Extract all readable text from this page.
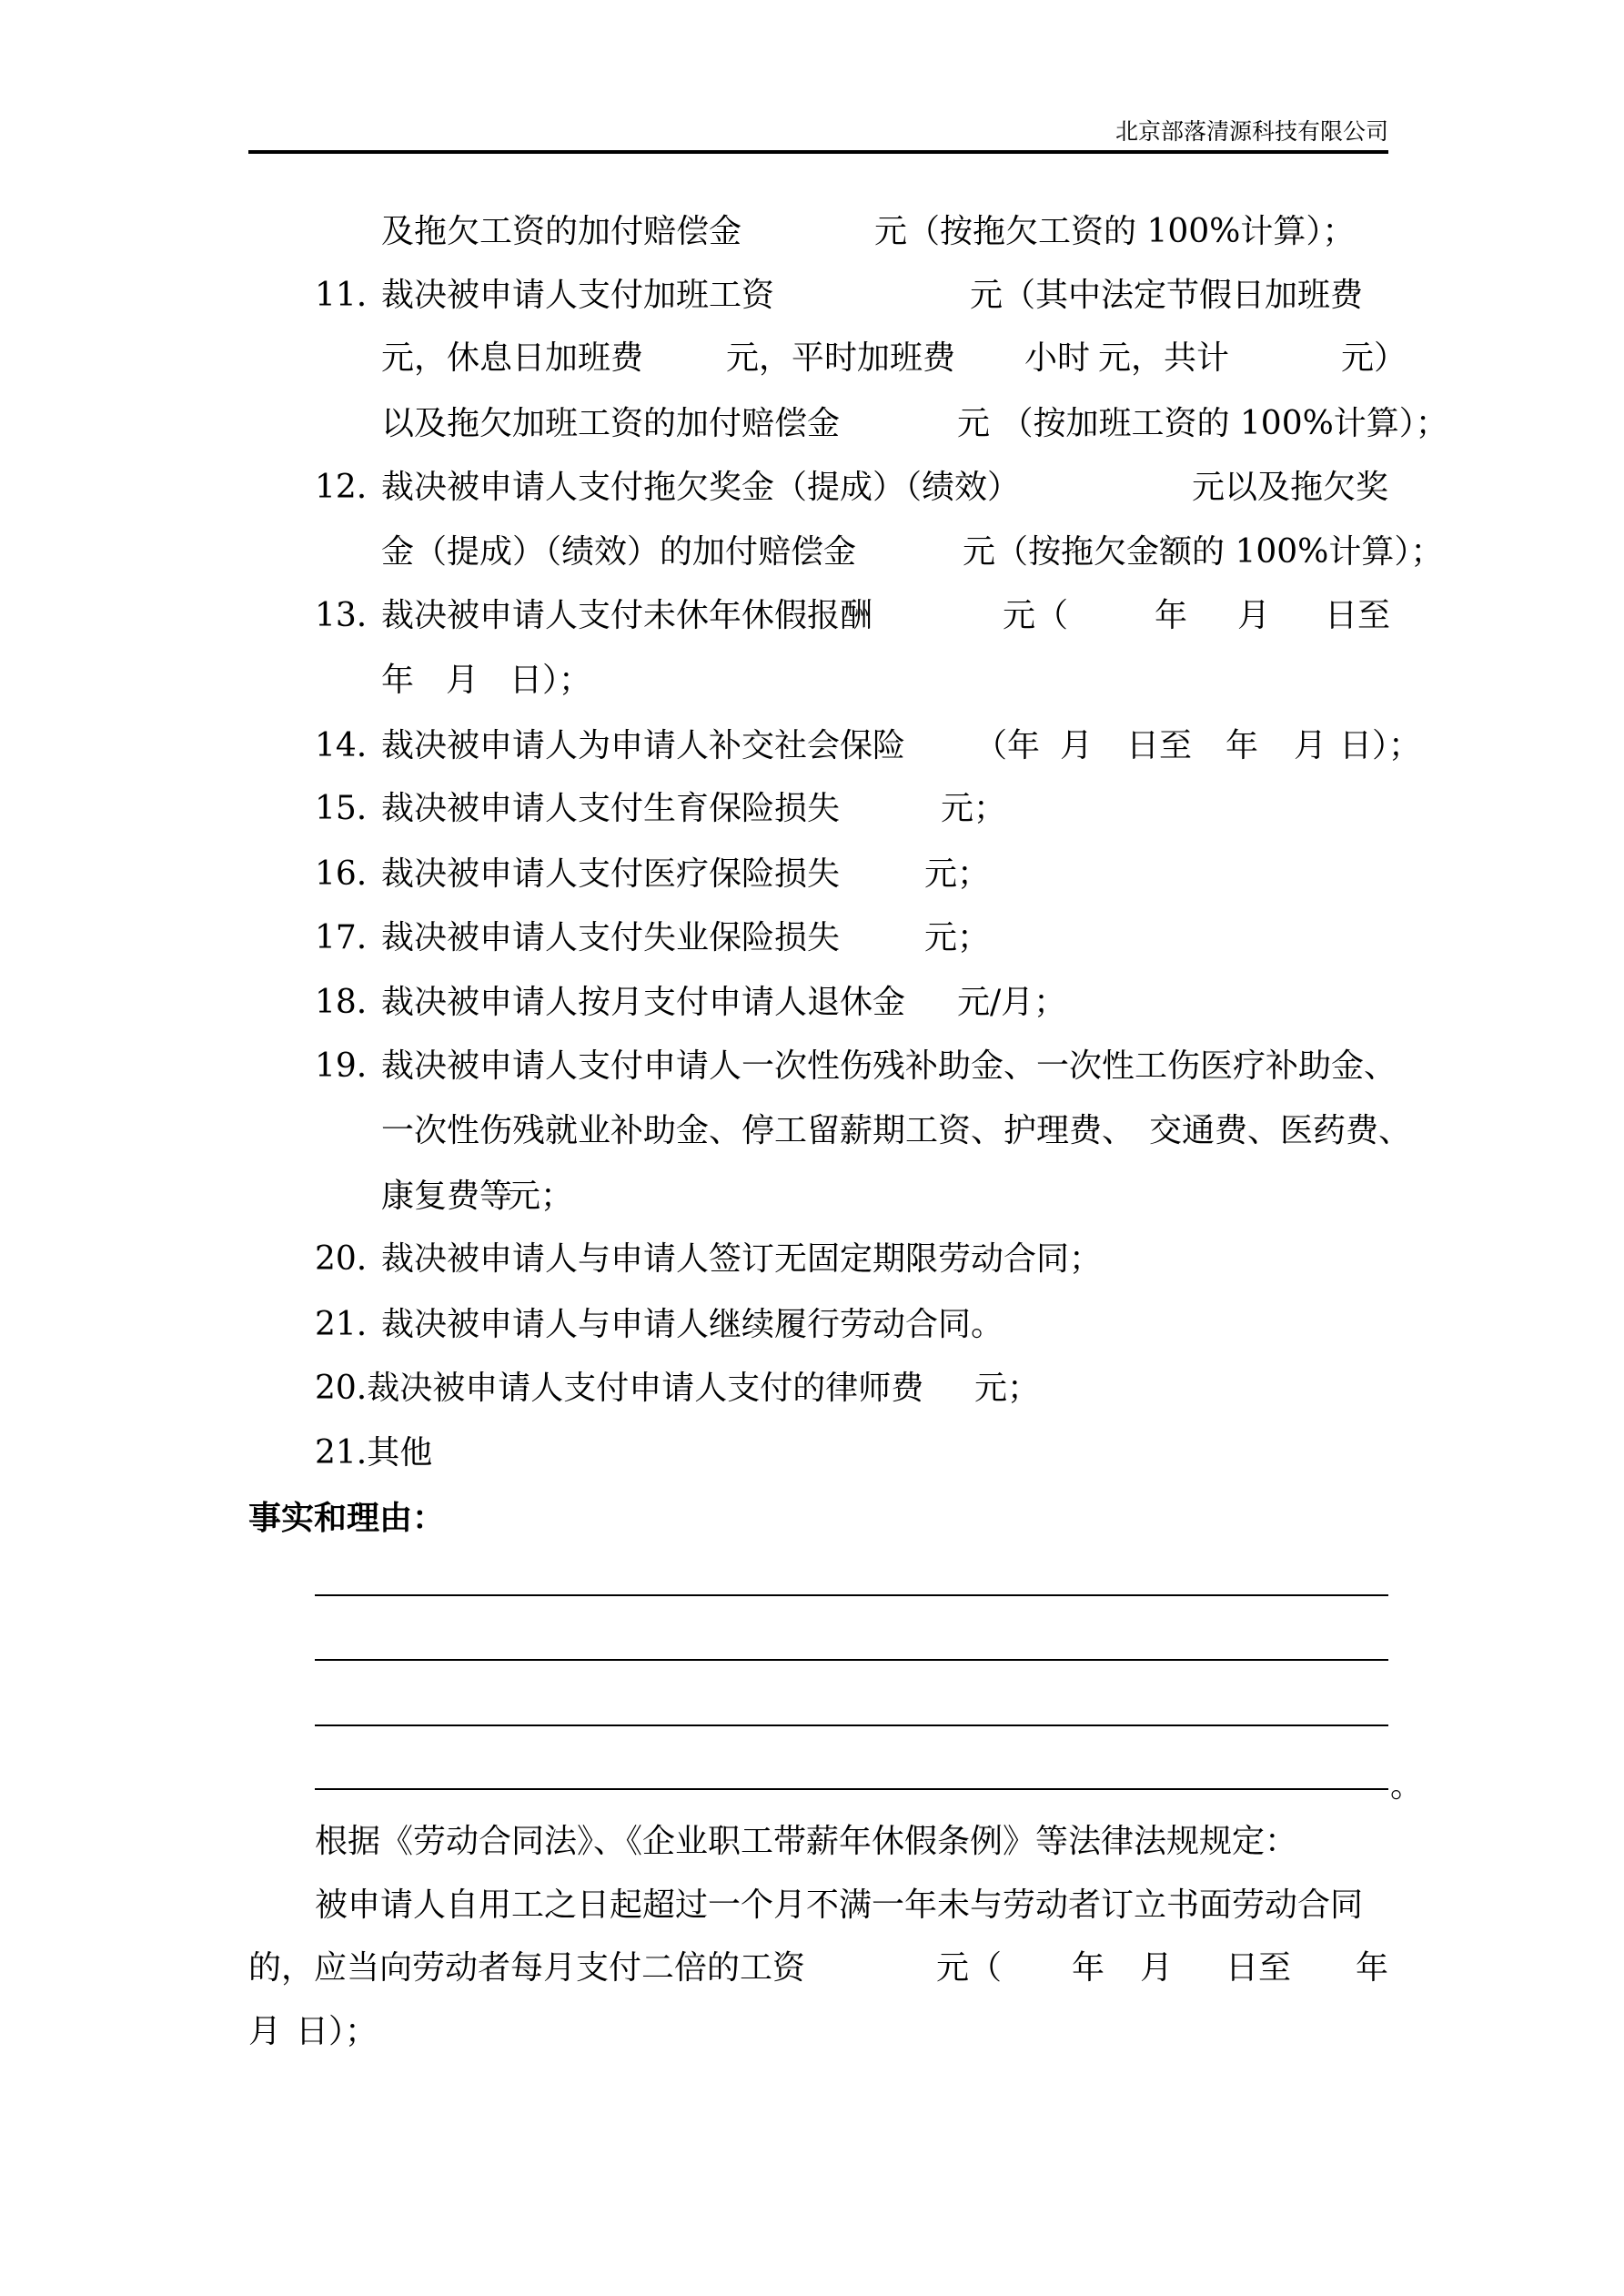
北京部落清源科技有限公司
及拖欠工资的加付赔偿金	元（按拖欠工资的 100%计算）；
11. 裁决被申请人支付加班工资	元（其中法定节假日加班费
元，休息日加班费	元，平时加班费 小时 元，共计	元）
以及拖欠加班工资的加付赔偿金	元 （按加班工资的 100%计算）；
12. 裁决被申请人支付拖欠奖金（提成）（绩效）	元以及拖欠奖
金（提成）（绩效）的加付赔偿金	元（按拖欠金额的 100%计算）；
13. 裁决被申请人支付未休年休假报酬	元（	年 月 日至
年 月 日）；
14. 裁决被申请人为申请人补交社会保险 （年 月 日至 年 月 日）；
15. 裁决被申请人支付生育保险损失	元；
16. 裁决被申请人支付医疗保险损失	元；
17. 裁决被申请人支付失业保险损失	元；
18. 裁决被申请人按月支付申请人退休金 元/月；
19. 裁决被申请人支付申请人一次性伤残补助金、一次性工伤医疗补助金、
一次性伤残就业补助金、停工留薪期工资、护理费、 交通费、医药费、
康复费等
元；
20. 裁决被申请人与申请人签订无固定期限劳动合同；
21. 裁决被申请人与申请人继续履行劳动合同。
20.裁决被申请人支付申请人支付的律师费 元；
21.其他
事实和理由：
。
根据《劳动合同法》、《企业职工带薪年休假条例》等法律法规规定：
被申请人自用工之日起超过一个月不满一年未与劳动者订立书面劳动合同
的，应当向劳动者每月支付二倍的工资	元（ 年 月 日至 年
月 日）；
